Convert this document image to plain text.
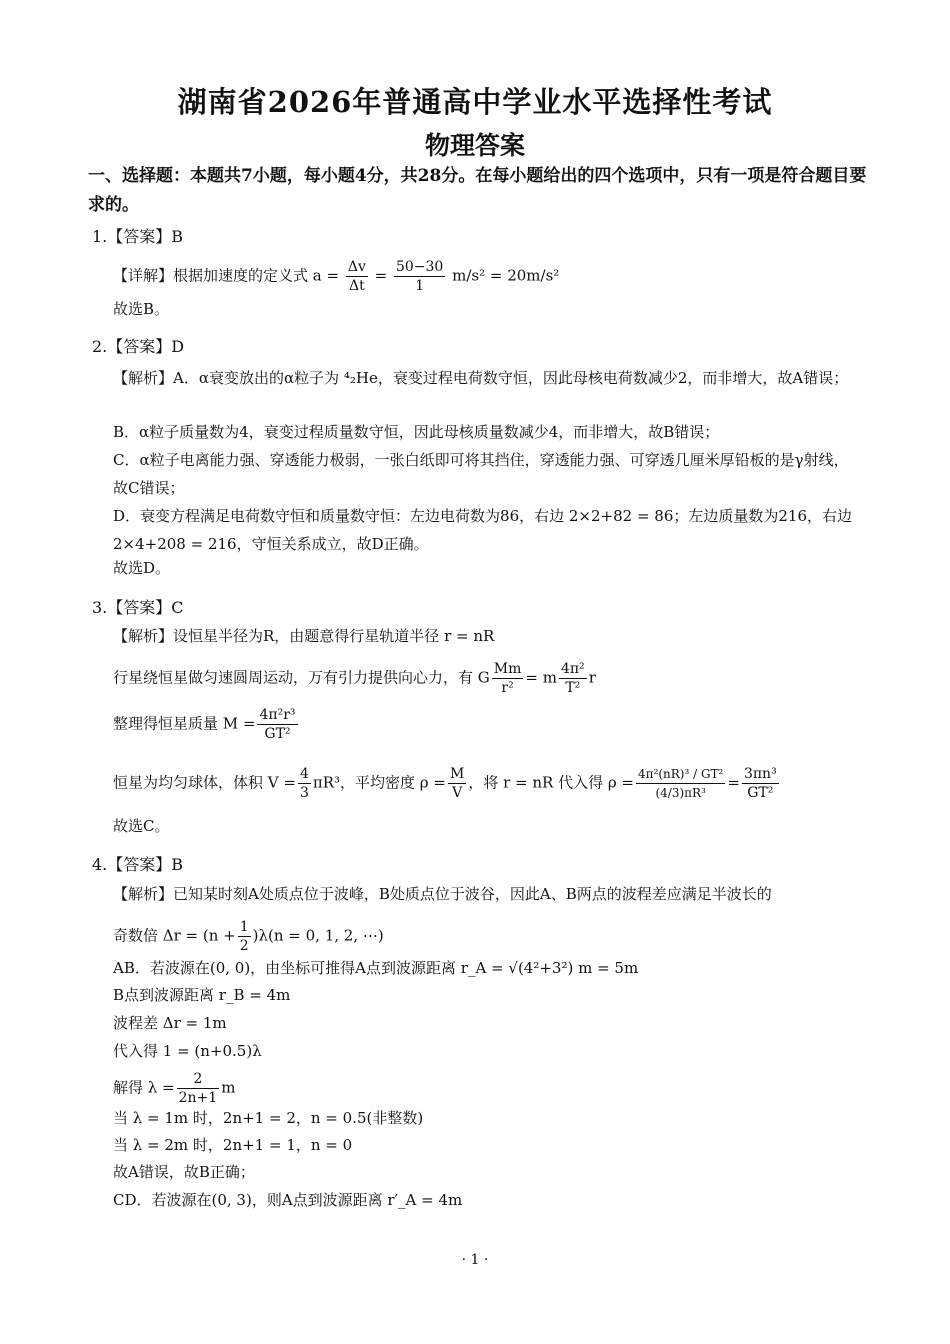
湖南省2026年普通高中学业水平选择性考试
物理答案
一、选择题：本题共7小题，每小题4分，共28分。在每小题给出的四个选项中，只有一项是符合题目要求的。
1.【答案】B
【详解】根据加速度的定义式 $a = \frac{\Delta v}{\Delta t} = \frac{50-30}{1} m/s^2 = 20m/s^2$
故选B。
2.【答案】D
【解析】A．α衰变放出的α粒子为 ⁴₂He，衰变过程电荷数守恒，因此母核电荷数减少2，而非增大，故A错误；
B．α粒子质量数为4，衰变过程质量数守恒，因此母核质量数减少4，而非增大，故B错误；
C．α粒子电离能力强、穿透能力极弱，一张白纸即可将其挡住，穿透能力强、可穿透几厘米厚铅板的是γ射线，故C错误；
D．衰变方程满足电荷数守恒和质量数守恒：左边电荷数为86，右边 2×2+82 = 86；左边质量数为216，右边 2×4+208 = 216，守恒关系成立，故D正确。
故选D。
3.【答案】C
【解析】设恒星半径为R，由题意得行星轨道半径 r = nR
行星绕恒星做匀速圆周运动，万有引力提供向心力，有 G $\frac{Mm}{\text{r²}} = m \frac{\text{4π²}}{\text{T²}}$ r
整理得恒星质量 $M = \frac{\text{4π²r³}}{\text{GT²}}$
恒星为均匀球体，体积 $V = \frac{4}{3} \pi R^3$，平均密度 $\rho = \frac{M}{V}$ ，将 r = nR 代入得 $\rho = \frac{\text{4π²(nR)³ / GT²}}{\text{(4/3)πR³}} = \frac{\text{3πn³}}{\text{GT²}}$
故选C。
4.【答案】B
【解析】已知某时刻A处质点位于波峰，B处质点位于波谷，因此A、B两点的波程差应满足半波长的
奇数倍 $\Delta r = (n + \frac{1}{2} )\lambda(n = 0$, 1, 2, ⋯)
AB．若波源在(0, 0)，由坐标可推得A点到波源距离 r_A = √(4²+3²) m = 5m
B点到波源距离 r_B = 4m
波程差 Δr = 1m
代入得 1 = (n+0.5)λ
解得 $\lambda = \frac{2}{2n+1}$ m
当 λ = 1m 时，2n+1 = 2，n = 0.5(非整数)
当 λ = 2m 时，2n+1 = 1，n = 0
故A错误，故B正确；
CD．若波源在(0, 3)，则A点到波源距离 r′_A = 4m
· 1 ·
